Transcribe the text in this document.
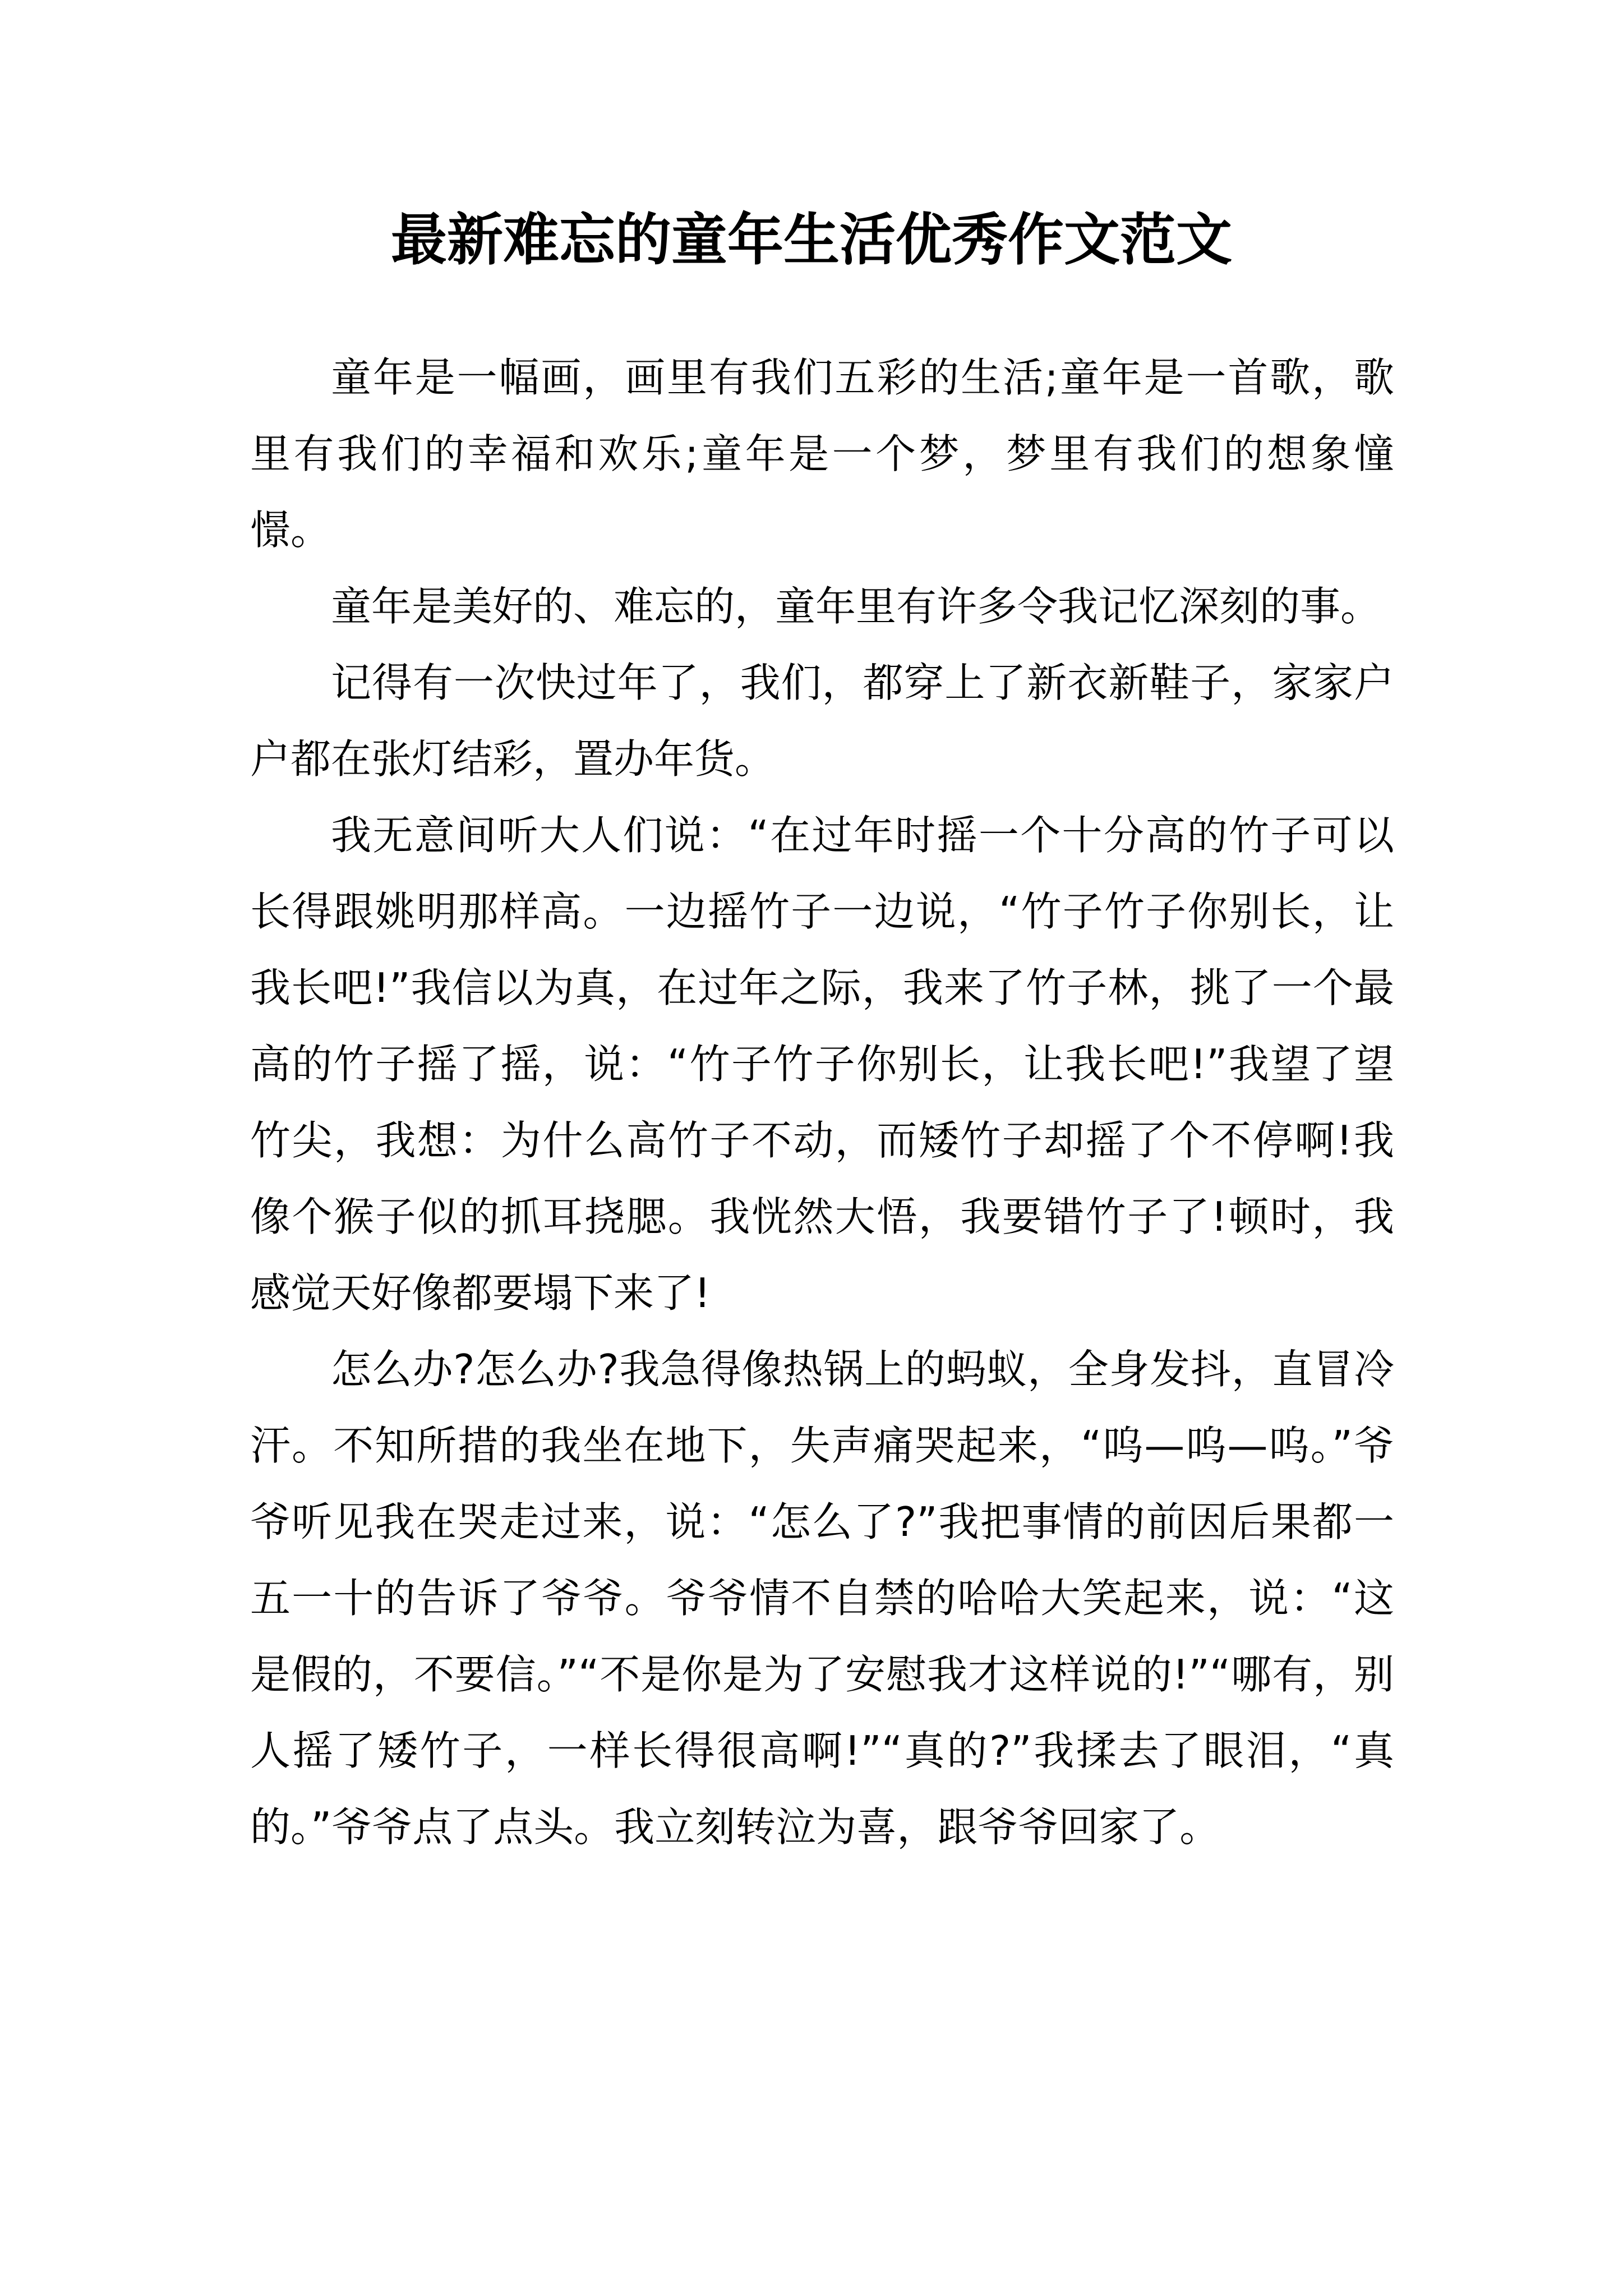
最新难忘的童年生活优秀作文范文

童年是一幅画，画里有我们五彩的生活;童年是一首歌，歌里有我们的幸福和欢乐;童年是一个梦，梦里有我们的想象憧憬。

童年是美好的、难忘的，童年里有许多令我记忆深刻的事。

记得有一次快过年了，我们，都穿上了新衣新鞋子，家家户户都在张灯结彩，置办年货。

我无意间听大人们说：“在过年时摇一个十分高的竹子可以长得跟姚明那样高。一边摇竹子一边说，“竹子竹子你别长，让我长吧!”我信以为真，在过年之际，我来了竹子林，挑了一个最高的竹子摇了摇，说：“竹子竹子你别长，让我长吧!”我望了望竹尖，我想：为什么高竹子不动，而矮竹子却摇了个不停啊!我像个猴子似的抓耳挠腮。我恍然大悟，我要错竹子了!顿时，我感觉天好像都要塌下来了!

怎么办?怎么办?我急得像热锅上的蚂蚁，全身发抖，直冒冷汗。不知所措的我坐在地下，失声痛哭起来，“呜—呜—呜。”爷爷听见我在哭走过来，说：“怎么了?”我把事情的前因后果都一五一十的告诉了爷爷。爷爷情不自禁的哈哈大笑起来，说：“这是假的，不要信。”“不是你是为了安慰我才这样说的!”“哪有，别人摇了矮竹子，一样长得很高啊!”“真的?”我揉去了眼泪，“真的。”爷爷点了点头。我立刻转泣为喜，跟爷爷回家了。
